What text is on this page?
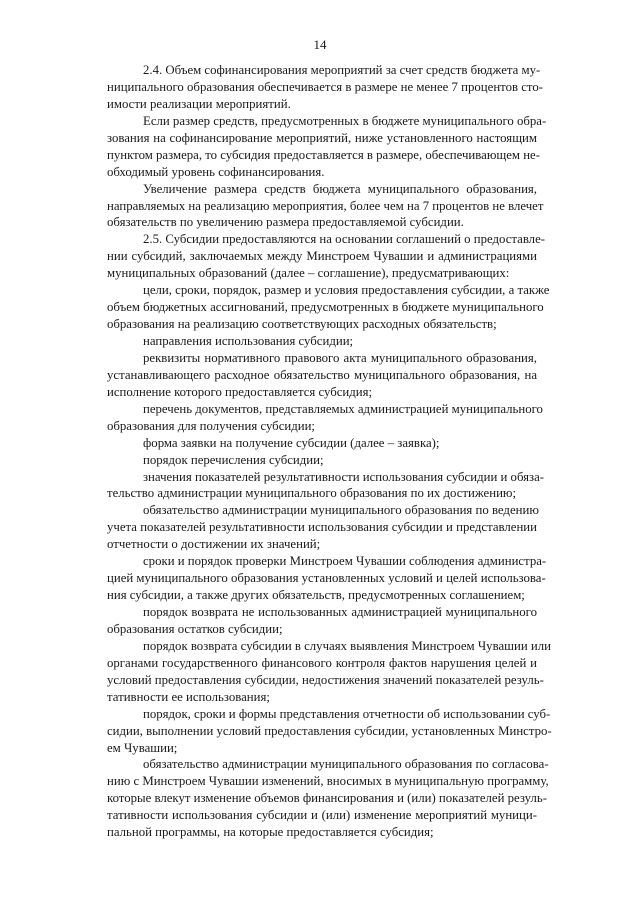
14
2.4. Объем софинансирования мероприятий за счет средств бюджета му-
ниципального образования обеспечивается в размере не менее 7 процентов сто-
имости реализации мероприятий.
Если размер средств, предусмотренных в бюджете муниципального обра-
зования на софинансирование мероприятий, ниже установленного настоящим
пунктом размера, то субсидия предоставляется в размере, обеспечивающем не-
обходимый уровень софинансирования.
Увеличение размера средств бюджета муниципального образования,
направляемых на реализацию мероприятия, более чем на 7 процентов не влечет
обязательств по увеличению размера предоставляемой субсидии.
2.5. Субсидии предоставляются на основании соглашений о предоставле-
нии субсидий, заключаемых между Минстроем Чувашии и администрациями
муниципальных образований (далее – соглашение), предусматривающих:
цели, сроки, порядок, размер и условия предоставления субсидии, а также
объем бюджетных ассигнований, предусмотренных в бюджете муниципального
образования на реализацию соответствующих расходных обязательств;
направления использования субсидии;
реквизиты нормативного правового акта муниципального образования,
устанавливающего расходное обязательство муниципального образования, на
исполнение которого предоставляется субсидия;
перечень документов, представляемых администрацией муниципального
образования для получения субсидии;
форма заявки на получение субсидии (далее – заявка);
порядок перечисления субсидии;
значения показателей результативности использования субсидии и обяза-
тельство администрации муниципального образования по их достижению;
обязательство администрации муниципального образования по ведению
учета показателей результативности использования субсидии и представлении
отчетности о достижении их значений;
сроки и порядок проверки Минстроем Чувашии соблюдения администра-
цией муниципального образования установленных условий и целей использова-
ния субсидии, а также других обязательств, предусмотренных соглашением;
порядок возврата не использованных администрацией муниципального
образования остатков субсидии;
порядок возврата субсидии в случаях выявления Минстроем Чувашии или
органами государственного финансового контроля фактов нарушения целей и
условий предоставления субсидии, недостижения значений показателей резуль-
тативности ее использования;
порядок, сроки и формы представления отчетности об использовании суб-
сидии, выполнении условий предоставления субсидии, установленных Минстро-
ем Чувашии;
обязательство администрации муниципального образования по согласова-
нию с Минстроем Чувашии изменений, вносимых в муниципальную программу,
которые влекут изменение объемов финансирования и (или) показателей резуль-
тативности использования субсидии и (или) изменение мероприятий муници-
пальной программы, на которые предоставляется субсидия;
